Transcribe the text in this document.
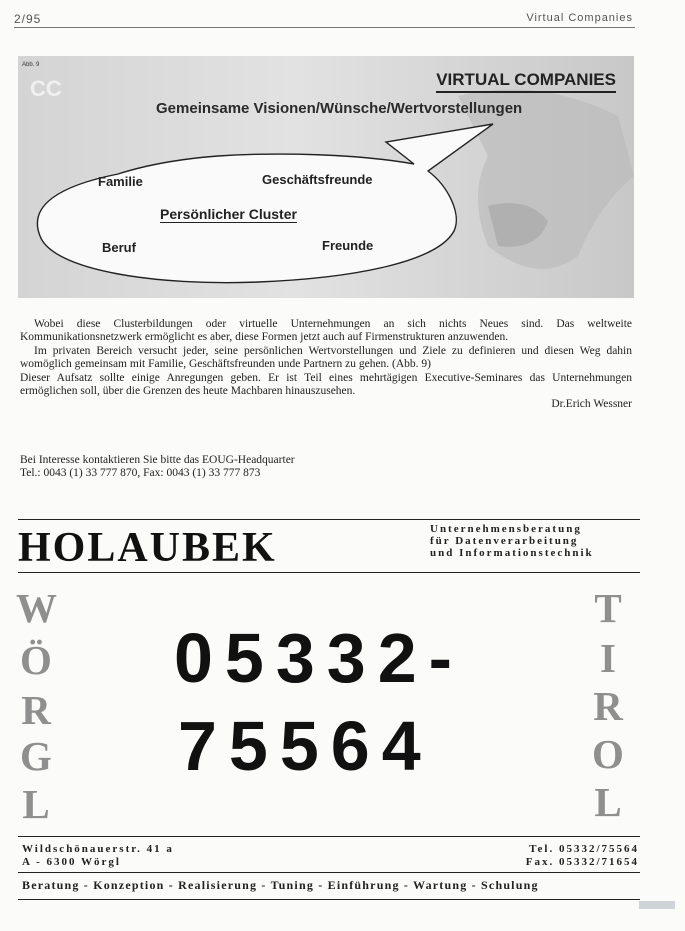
2/95	Virtual Companies
Abb. 9
CC	VIRTUAL COMPANIES
Gemeinsame Visionen/Wünsche/Wertvorstellungen
Familie	Geschäftsfreunde
Persönlicher Cluster
Beruf	Freunde

Wobei diese Clusterbildungen oder virtuelle Unternehmungen an sich nichts Neues sind. Das weltweite Kommunikationsnetzwerk ermöglicht es aber, diese Formen jetzt auch auf Firmenstrukturen anzuwenden.

Im privaten Bereich versucht jeder, seine persönlichen Wertvorstellungen und Ziele zu definieren und diesen Weg dahin womöglich gemeinsam mit Familie, Geschäftsfreunden unde Partnern zu gehen. (Abb. 9)

Dieser Aufsatz sollte einige Anregungen geben. Er ist Teil eines mehrtägigen Executive-Seminares das Unternehmungen ermöglichen soll, über die Grenzen des heute Machbaren hinauszusehen.

Dr.Erich Wessner

Bei Interesse kontaktieren Sie bitte das EOUG-Headquarter
Tel.: 0043 (1) 33 777 870, Fax: 0043 (1) 33 777 873
HOLAUBEK	Unternehmensberatung
für Datenverarbeitung
und Informationstechnik
W
Ö
R
G
L
T
I
R
O
L
05332-
75564
Wildschönauerstr. 41 a
A - 6300 Wörgl
Tel. 05332/75564
Fax. 05332/71654
Beratung - Konzeption - Realisierung - Tuning - Einführung - Wartung - Schulung
